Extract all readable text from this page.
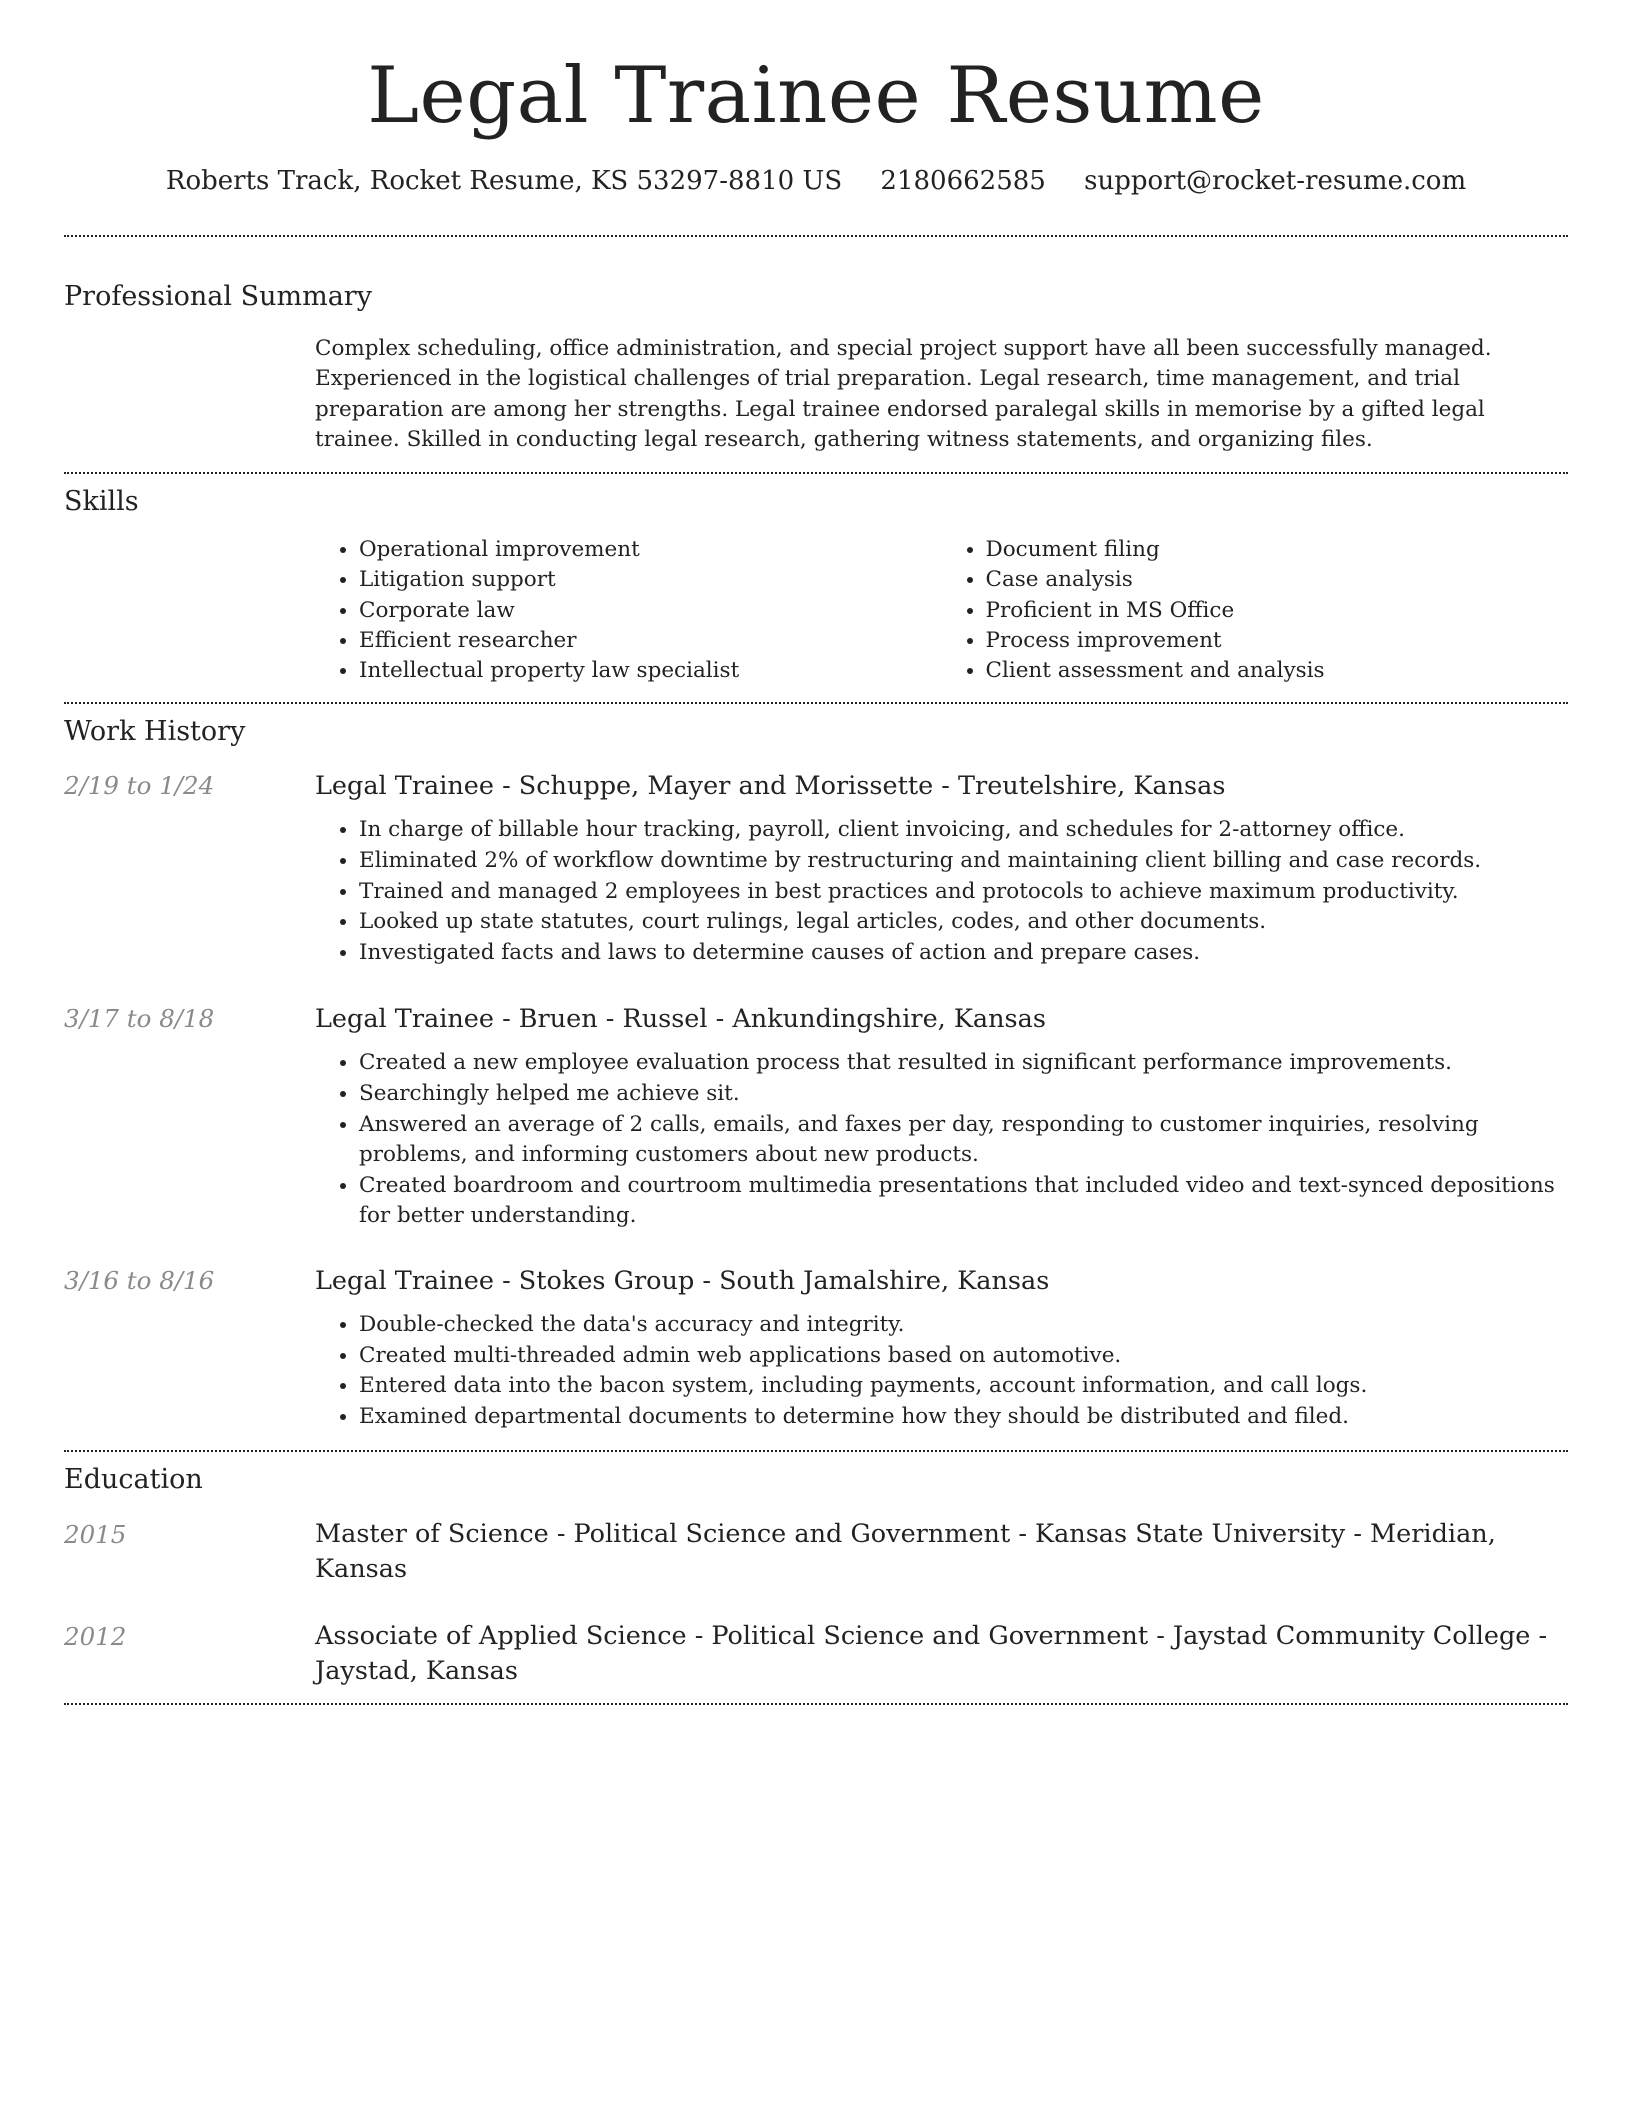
Legal Trainee Resume
Roberts Track, Rocket Resume, KS 53297-8810 US 2180662585 support@rocket-resume.com
Professional Summary

Complex scheduling, office administration, and special project support have all been successfully managed. Experienced in the logistical challenges of trial preparation. Legal research, time management, and trial preparation are among her strengths. Legal trainee endorsed paralegal skills in memorise by a gifted legal trainee. Skilled in conducting legal research, gathering witness statements, and organizing files.

Skills
• Operational improvement
• Litigation support
• Corporate law
• Efficient researcher
• Intellectual property law specialist
• Document filing
• Case analysis
• Proficient in MS Office
• Process improvement
• Client assessment and analysis
Work History
2/19 to 1/24	Legal Trainee - Schuppe, Mayer and Morissette - Treutelshire, Kansas
• In charge of billable hour tracking, payroll, client invoicing, and schedules for 2-attorney office.
• Eliminated 2% of workflow downtime by restructuring and maintaining client billing and case records.
• Trained and managed 2 employees in best practices and protocols to achieve maximum productivity.
• Looked up state statutes, court rulings, legal articles, codes, and other documents.
• Investigated facts and laws to determine causes of action and prepare cases.
3/17 to 8/18	Legal Trainee - Bruen - Russel - Ankundingshire, Kansas
• Created a new employee evaluation process that resulted in significant performance improvements.
• Searchingly helped me achieve sit.
• Answered an average of 2 calls, emails, and faxes per day, responding to customer inquiries, resolving problems, and informing customers about new products.
• Created boardroom and courtroom multimedia presentations that included video and text-synced depositions for better understanding.
3/16 to 8/16	Legal Trainee - Stokes Group - South Jamalshire, Kansas
• Double-checked the data's accuracy and integrity.
• Created multi-threaded admin web applications based on automotive.
• Entered data into the bacon system, including payments, account information, and call logs.
• Examined departmental documents to determine how they should be distributed and filed.
Education
2015	Master of Science - Political Science and Government - Kansas State University - Meridian, Kansas
2012	Associate of Applied Science - Political Science and Government - Jaystad Community College - Jaystad, Kansas
